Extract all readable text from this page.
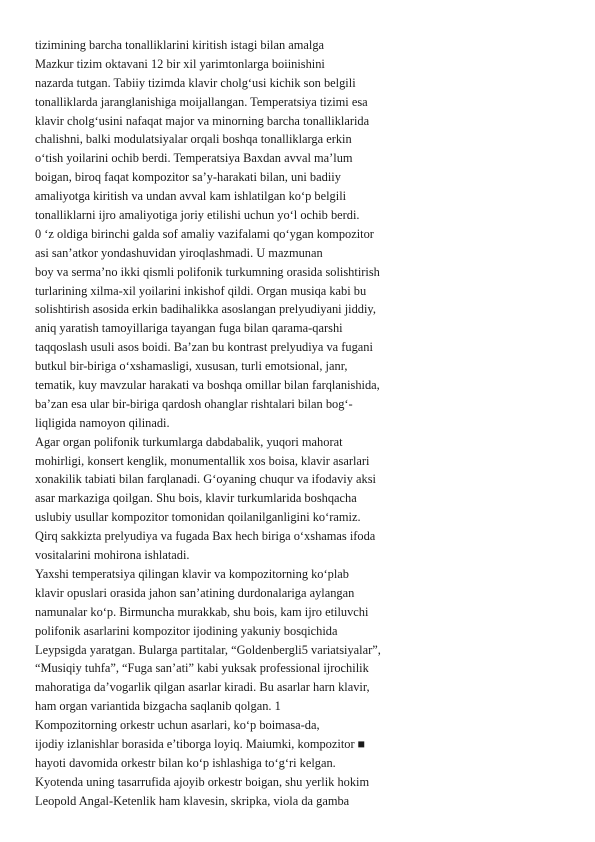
tizimining barcha tonalliklarini kiritish istagi bilan amalga
Mazkur tizim oktavani 12 bir xil yarimtonlarga boiinishini
nazarda tutgan. Tabiiy tizimda klavir cholg‘usi kichik son belgili
tonalliklarda jaranglanishiga moijallangan. Temperatsiya tizimi esa
klavir cholg‘usini nafaqat major va minorning barcha tonalliklarida
chalishni, balki modulatsiyalar orqali boshqa tonalliklarga erkin
o‘tish yoilarini ochib berdi. Temperatsiya Baxdan avval ma’lum
boigan, biroq faqat kompozitor sa’y-harakati bilan, uni badiiy
amaliyotga kiritish va undan avval kam ishlatilgan ko‘p belgili
tonalliklarni ijro amaliyotiga joriy etilishi uchun yo‘l ochib berdi.
0 ‘z oldiga birinchi galda sof amaliy vazifalami qo‘ygan kompozitor
asi san’atkor yondashuvidan yiroqlashmadi. U mazmunan
boy va serma’no ikki qismli polifonik turkumning orasida solishtirish
turlarining xilma-xil yoilarini inkishof qildi. Organ musiqa kabi bu
solishtirish asosida erkin badihalikka asoslangan prelyudiyani jiddiy,
aniq yaratish tamoyillariga tayangan fuga bilan qarama-qarshi
taqqoslash usuli asos boidi. Ba’zan bu kontrast prelyudiya va fugani
butkul bir-biriga o‘xshamasligi, xususan, turli emotsional, janr,
tematik, kuy mavzular harakati va boshqa omillar bilan farqlanishida,
ba’zan esa ular bir-biriga qardosh ohanglar rishtalari bilan bog‘-
liqligida namoyon qilinadi.
Agar organ polifonik turkumlarga dabdabalik, yuqori mahorat
mohirligi, konsert kenglik, monumentallik xos boisa, klavir asarlari
xonakilik tabiati bilan farqlanadi. G‘oyaning chuqur va ifodaviy aksi
asar markaziga qoilgan. Shu bois, klavir turkumlarida boshqacha
uslubiy usullar kompozitor tomonidan qoilanilganligini ko‘ramiz.
Qirq sakkizta prelyudiya va fugada Bax hech biriga o‘xshamas ifoda
vositalarini mohirona ishlatadi.
Yaxshi temperatsiya qilingan klavir va kompozitorning ko‘plab
klavir opuslari orasida jahon san’atining durdonalariga aylangan
namunalar ko‘p. Birmuncha murakkab, shu bois, kam ijro etiluvchi
polifonik asarlarini kompozitor ijodining yakuniy bosqichida
Leypsigda yaratgan. Bularga partitalar, “Goldenbergli5 variatsiyalar”,
“Musiqiy tuhfa”, “Fuga san’ati” kabi yuksak professional ijrochilik
mahoratiga da’vogarlik qilgan asarlar kiradi. Bu asarlar harn klavir,
ham organ variantida bizgacha saqlanib qolgan. 1
Kompozitorning orkestr uchun asarlari, ko‘p boimasa-da,
ijodiy izlanishlar borasida e’tiborga loyiq. Maiumki, kompozitor ■
hayoti davomida orkestr bilan ko‘p ishlashiga to‘g‘ri kelgan.
Kyotenda uning tasarrufida ajoyib orkestr boigan, shu yerlik hokim
Leopold Angal-Ketenlik ham klavesin, skripka, viola da gamba
